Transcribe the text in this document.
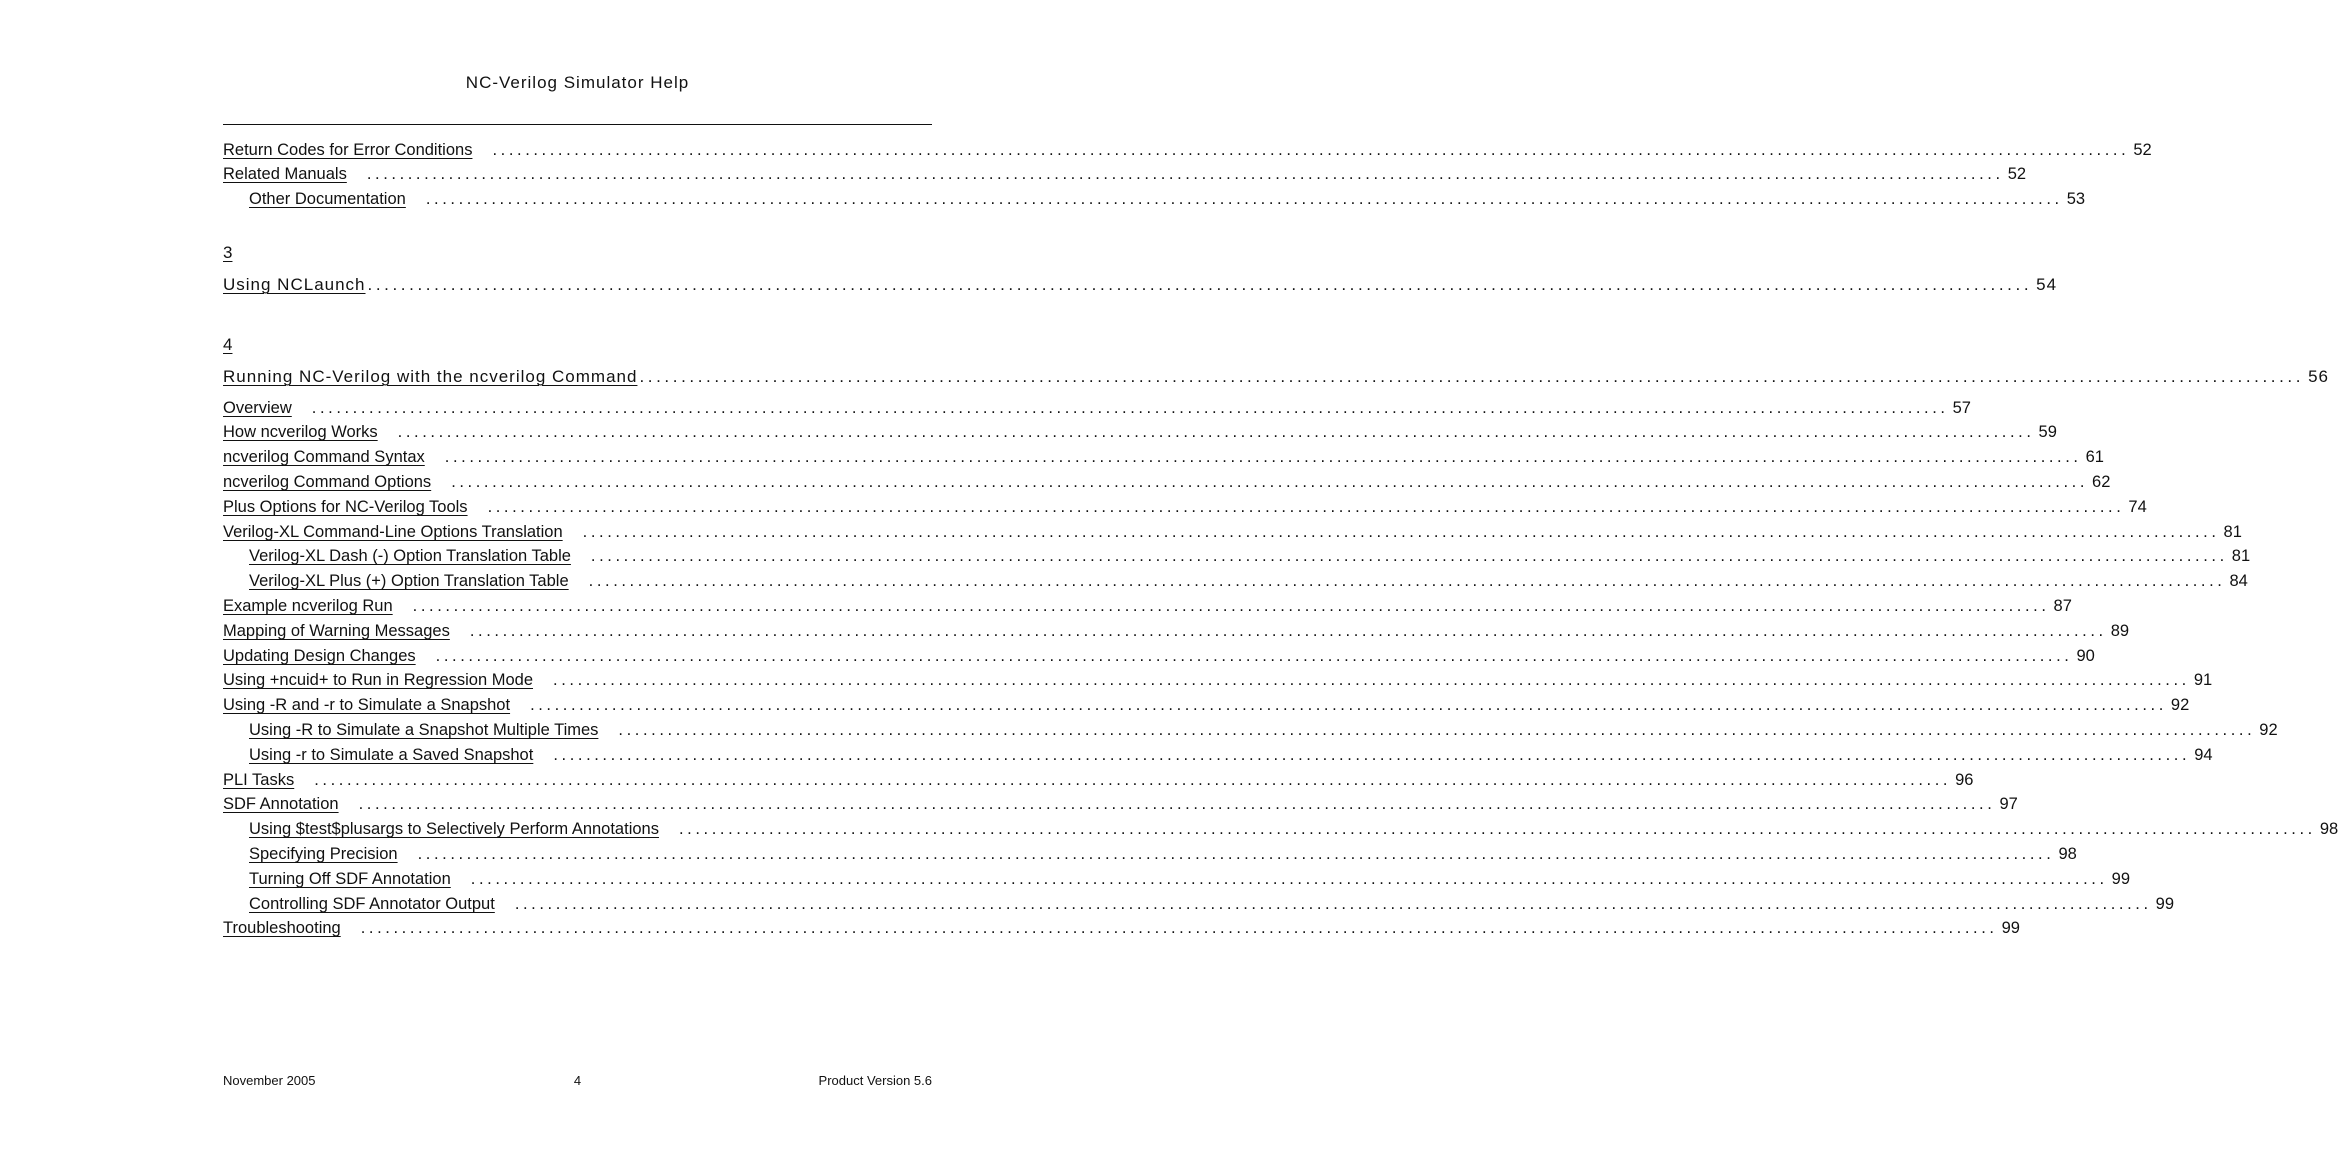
NC-Verilog Simulator Help
Return Codes for Error Conditions ........................................................................................................................................................................................................ 52
Related Manuals ........................................................................................................................................................................................................ 52
Other Documentation ........................................................................................................................................................................................................ 53
3
Using NCLaunch ........................................................................................................................................................................................................ 54
4
Running NC-Verilog with the ncverilog Command ........................................................................................................................................................................................................ 56
Overview ........................................................................................................................................................................................................ 57
How ncverilog Works ........................................................................................................................................................................................................ 59
ncverilog Command Syntax ........................................................................................................................................................................................................ 61
ncverilog Command Options ........................................................................................................................................................................................................ 62
Plus Options for NC-Verilog Tools ........................................................................................................................................................................................................ 74
Verilog-XL Command-Line Options Translation ........................................................................................................................................................................................................ 81
Verilog-XL Dash (-) Option Translation Table ........................................................................................................................................................................................................ 81
Verilog-XL Plus (+) Option Translation Table ........................................................................................................................................................................................................ 84
Example ncverilog Run ........................................................................................................................................................................................................ 87
Mapping of Warning Messages ........................................................................................................................................................................................................ 89
Updating Design Changes ........................................................................................................................................................................................................ 90
Using +ncuid+ to Run in Regression Mode ........................................................................................................................................................................................................ 91
Using -R and -r to Simulate a Snapshot ........................................................................................................................................................................................................ 92
Using -R to Simulate a Snapshot Multiple Times ........................................................................................................................................................................................................ 92
Using -r to Simulate a Saved Snapshot ........................................................................................................................................................................................................ 94
PLI Tasks ........................................................................................................................................................................................................ 96
SDF Annotation ........................................................................................................................................................................................................ 97
Using $test$plusargs to Selectively Perform Annotations ........................................................................................................................................................................................................ 98
Specifying Precision ........................................................................................................................................................................................................ 98
Turning Off SDF Annotation ........................................................................................................................................................................................................ 99
Controlling SDF Annotator Output ........................................................................................................................................................................................................ 99
Troubleshooting ........................................................................................................................................................................................................ 99
November 2005	4	Product Version 5.6
